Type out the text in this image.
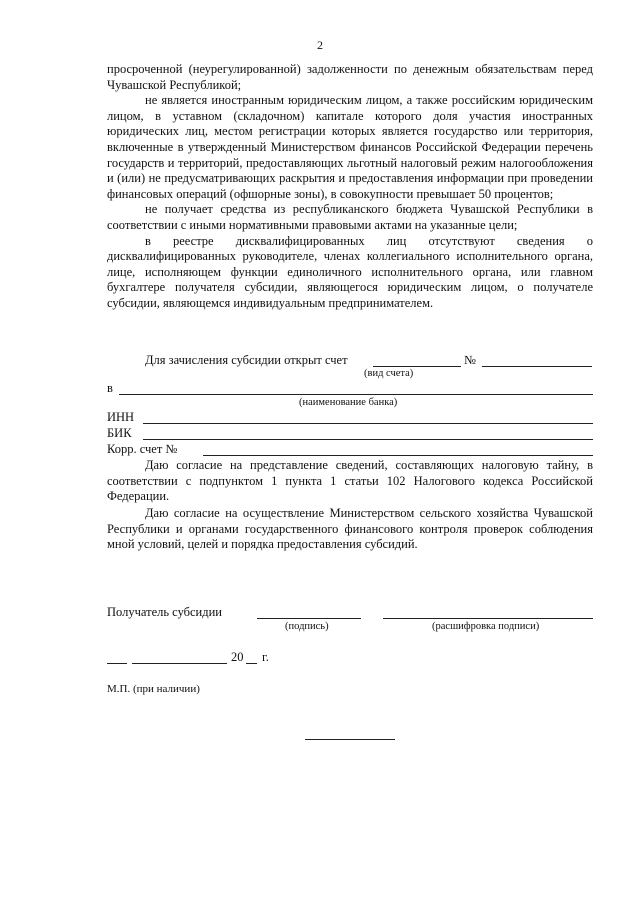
2

просроченной (неурегулированной) задолженности по денежным обязательствам перед Чувашской Республикой;

не является иностранным юридическим лицом, а также российским юридическим лицом, в уставном (складочном) капитале которого доля участия иностранных юридических лиц, местом регистрации которых является государство или территория, включенные в утвержденный Министерством финансов Российской Федерации перечень государств и территорий, предоставляющих льготный налоговый режим налогообложения и (или) не предусматривающих раскрытия и предоставления информации при проведении финансовых операций (офшорные зоны), в совокупности превышает 50 процентов;

не получает средства из республиканского бюджета Чувашской Республики в соответствии с иными нормативными правовыми актами на указанные цели;

в реестре дисквалифицированных лиц отсутствуют сведения о дисквалифицированных руководителе, членах коллегиального исполнительного органа, лице, исполняющем функции единоличного исполнительного органа, или главном бухгалтере получателя субсидии, являющегося юридическим лицом, о получателе субсидии, являющемся индивидуальным предпринимателем.

Для зачисления субсидии открыт счет	№
(вид счета)
в
(наименование банка)
ИНН
БИК
Корр. счет №

Даю согласие на представление сведений, составляющих налоговую тайну, в соответствии с подпунктом 1 пункта 1 статьи 102 Налогового кодекса Российской Федерации.

Даю согласие на осуществление Министерством сельского хозяйства Чувашской Республики и органами государственного финансового контроля проверок соблюдения мной условий, целей и порядка предоставления субсидий.

Получатель субсидии
(подпись)	(расшифровка подписи)
20 г.
М.П. (при наличии)
